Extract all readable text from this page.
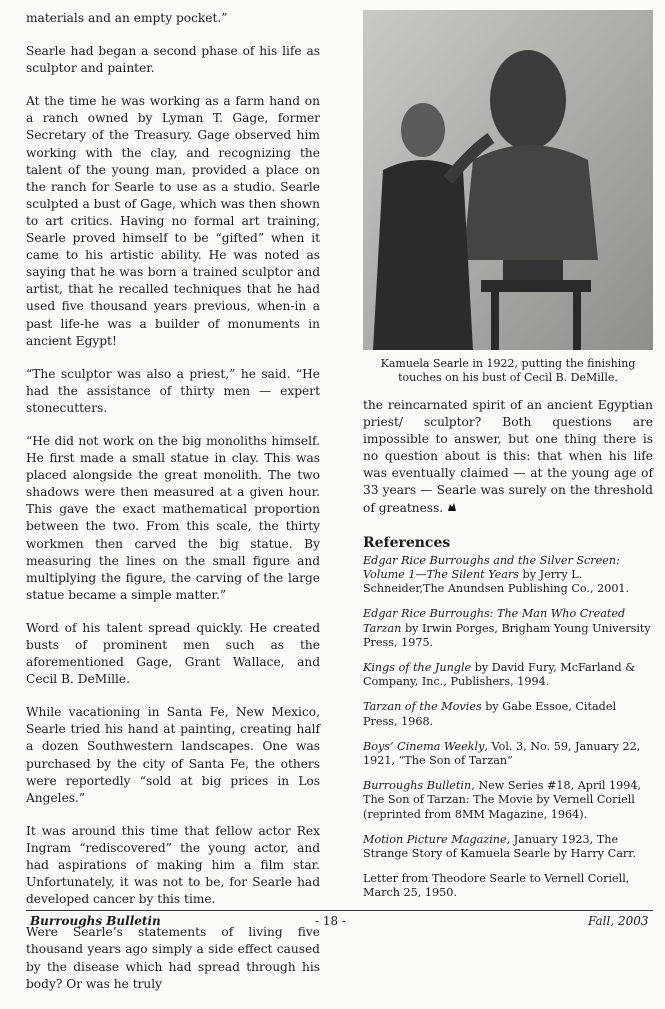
materials and an empty pocket.”

Searle had began a second phase of his life as sculptor and painter.

At the time he was working as a farm hand on a ranch owned by Lyman T. Gage, former Secretary of the Treasury. Gage observed him working with the clay, and recognizing the talent of the young man, provided a place on the ranch for Searle to use as a studio. Searle sculpted a bust of Gage, which was then shown to art critics. Having no formal art training, Searle proved himself to be “gifted” when it came to his artistic ability. He was noted as saying that he was born a trained sculptor and artist, that he recalled techniques that he had used five thousand years previous, when-in a past life-he was a builder of monuments in ancient Egypt!

“The sculptor was also a priest,” he said. “He had the assistance of thirty men — expert stonecutters.

“He did not work on the big monoliths himself. He first made a small statue in clay. This was placed alongside the great monolith. The two shadows were then measured at a given hour. This gave the exact mathematical proportion between the two. From this scale, the thirty workmen then carved the big statue. By measuring the lines on the small figure and multiplying the figure, the carving of the large statue became a simple matter.”

Word of his talent spread quickly. He created busts of prominent men such as the aforementioned Gage, Grant Wallace, and Cecil B. DeMille.

While vacationing in Santa Fe, New Mexico, Searle tried his hand at painting, creating half a dozen Southwestern landscapes. One was purchased by the city of Santa Fe, the others were reportedly “sold at big prices in Los Angeles.”

It was around this time that fellow actor Rex Ingram “rediscovered” the young actor, and had aspirations of making him a film star. Unfortunately, it was not to be, for Searle had developed cancer by this time.

Were Searle’s statements of living five thousand years ago simply a side effect caused by the disease which had spread through his body? Or was he truly

Kamuela Searle in 1922, putting the finishing touches on his bust of Cecil B. DeMille.

the reincarnated spirit of an ancient Egyptian priest/ sculptor? Both questions are impossible to answer, but one thing there is no question about is this: that when his life was eventually claimed — at the young age of 33 years — Searle was surely on the threshold of greatness.

References
Edgar Rice Burroughs and the Silver Screen: Volume 1—The Silent Years by Jerry L. Schneider,The Anundsen Publishing Co., 2001.
Edgar Rice Burroughs: The Man Who Created Tarzan by Irwin Porges, Brigham Young University Press, 1975.
Kings of the Jungle by David Fury, McFarland & Company, Inc., Publishers, 1994.
Tarzan of the Movies by Gabe Essoe, Citadel Press, 1968.
Boys’ Cinema Weekly, Vol. 3, No. 59, January 22, 1921, “The Son of Tarzan”
Burroughs Bulletin, New Series #18, April 1994, The Son of Tarzan: The Movie by Vernell Coriell (reprinted from 8MM Magazine, 1964).
Motion Picture Magazine, January 1923, The Strange Story of Kamuela Searle by Harry Carr.
Letter from Theodore Searle to Vernell Coriell, March 25, 1950.
Burroughs Bulletin	- 18 -	Fall, 2003
